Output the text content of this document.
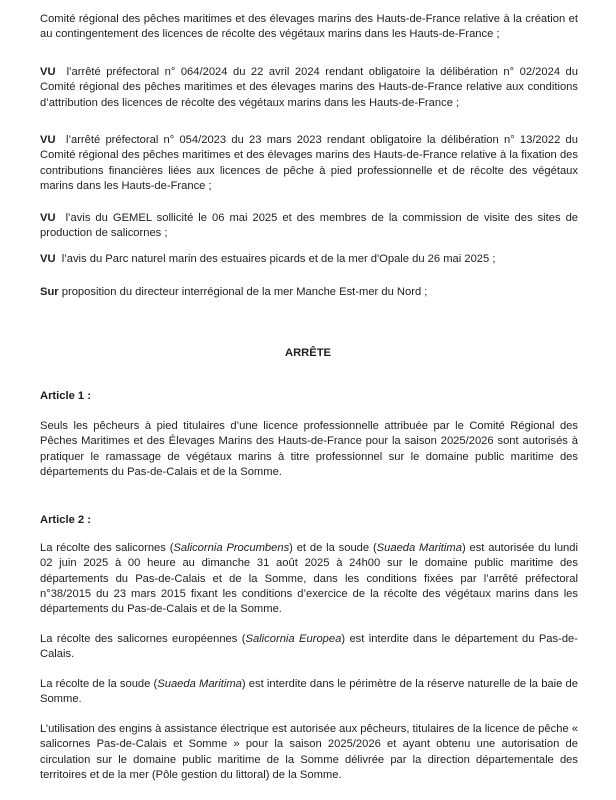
Comité régional des pêches maritimes et des élevages marins des Hauts-de-France relative à la création et au contingentement des licences de récolte des végétaux marins dans les Hauts-de-France ;

VU l’arrêté préfectoral n° 064/2024 du 22 avril 2024 rendant obligatoire la délibération n° 02/2024 du Comité régional des pêches maritimes et des élevages marins des Hauts-de-France relative aux conditions d’attribution des licences de récolte des végétaux marins dans les Hauts-de-France ;

VU l’arrêté préfectoral n° 054/2023 du 23 mars 2023 rendant obligatoire la délibération n° 13/2022 du Comité régional des pêches maritimes et des élevages marins des Hauts-de-France relative à la fixation des contributions financières liées aux licences de pêche à pied professionnelle et de récolte des végétaux marins dans les Hauts-de-France ;

VU l’avis du GEMEL sollicité le 06 mai 2025 et des membres de la commission de visite des sites de production de salicornes ;

VU l’avis du Parc naturel marin des estuaires picards et de la mer d'Opale du 26 mai 2025 ;

Sur proposition du directeur interrégional de la mer Manche Est-mer du Nord ;

ARRÊTE

Article 1 :

Seuls les pêcheurs à pied titulaires d’une licence professionnelle attribuée par le Comité Régional des Pêches Maritimes et des Élevages Marins des Hauts-de-France pour la saison 2025/2026 sont autorisés à pratiquer le ramassage de végétaux marins à titre professionnel sur le domaine public maritime des départements du Pas-de-Calais et de la Somme.

Article 2 :

La récolte des salicornes (Salicornia Procumbens) et de la soude (Suaeda Maritima) est autorisée du lundi 02 juin 2025 à 00 heure au dimanche 31 août 2025 à 24h00 sur le domaine public maritime des départements du Pas-de-Calais et de la Somme, dans les conditions fixées par l’arrêté préfectoral n°38/2015 du 23 mars 2015 fixant les conditions d’exercice de la récolte des végétaux marins dans les départements du Pas-de-Calais et de la Somme.

La récolte des salicornes européennes (Salicornia Europea) est interdite dans le département du Pas-de-Calais.

La récolte de la soude (Suaeda Maritima) est interdite dans le périmètre de la réserve naturelle de la baie de Somme.

L’utilisation des engins à assistance électrique est autorisée aux pêcheurs, titulaires de la licence de pêche « salicornes Pas-de-Calais et Somme » pour la saison 2025/2026 et ayant obtenu une autorisation de circulation sur le domaine public maritime de la Somme délivrée par la direction départementale des territoires et de la mer (Pôle gestion du littoral) de la Somme.
